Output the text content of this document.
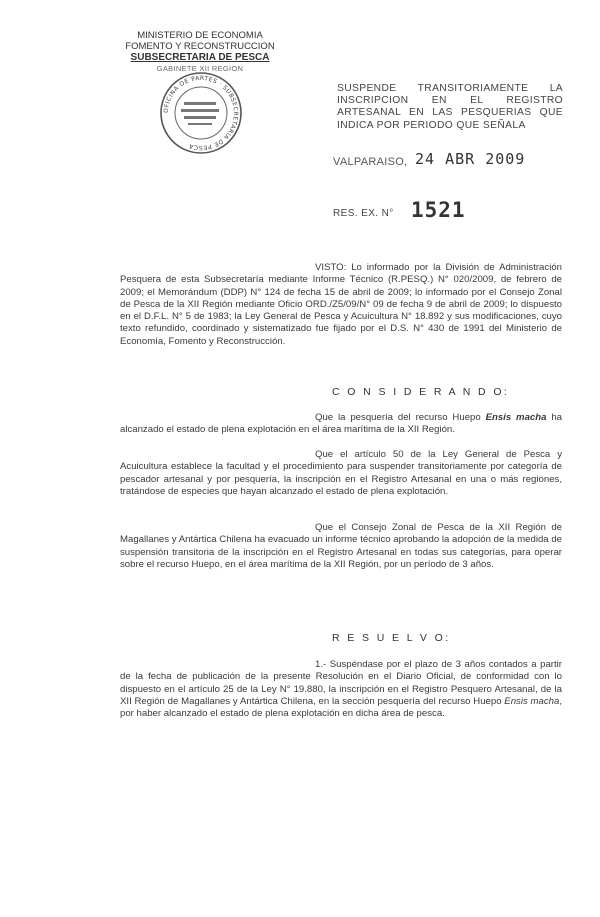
MINISTERIO DE ECONOMIA
FOMENTO Y RECONSTRUCCION
SUBSECRETARIA DE PESCA
GABINETE XII REGION
OFICINA DE PARTES · SUBSECRETARIA DE PESCA
SUSPENDE TRANSITORIAMENTE LA
INSCRIPCION EN EL REGISTRO
ARTESANAL EN LAS PESQUERIAS QUE
INDICA POR PERIODO QUE SEÑALA
VALPARAISO, 24 ABR 2009
RES. EX. N° 1521
VISTO: Lo informado por la División de Administración Pesquera de esta Subsecretaría mediante Informe Técnico (R.PESQ.) N° 020/2009, de febrero de 2009; el Memorándum (DDP) N° 124 de fecha 15 de abril de 2009; lo informado por el Consejo Zonal de Pesca de la XII Región mediante Oficio ORD./Z5/09/N° 09 de fecha 9 de abril de 2009; lo dispuesto en el D.F.L. N° 5 de 1983; la Ley General de Pesca y Acuicultura N° 18.892 y sus modificaciones, cuyo texto refundido, coordinado y sistematizado fue fijado por el D.S. N° 430 de 1991 del Ministerio de Economía, Fomento y Reconstrucción.
C O N S I D E R A N D O:
Que la pesquería del recurso Huepo Ensis macha ha alcanzado el estado de plena explotación en el área marítima de la XII Región.
Que el artículo 50 de la Ley General de Pesca y Acuicultura establece la facultad y el procedimiento para suspender transitoriamente por categoría de pescador artesanal y por pesquería, la inscripción en el Registro Artesanal en una o más regiones, tratándose de especies que hayan alcanzado el estado de plena explotación.
Que el Consejo Zonal de Pesca de la XII Región de Magallanes y Antártica Chilena ha evacuado un informe técnico aprobando la adopción de la medida de suspensión transitoria de la inscripción en el Registro Artesanal en todas sus categorías, para operar sobre el recurso Huepo, en el área marítima de la XII Región, por un período de 3 años.
R E S U E L V O:
1.- Suspéndase por el plazo de 3 años contados a partir de la fecha de publicación de la presente Resolución en el Diario Oficial, de conformidad con lo dispuesto en el artículo 25 de la Ley N° 19.880, la inscripción en el Registro Pesquero Artesanal, de la XII Región de Magallanes y Antártica Chilena, en la sección pesquería del recurso Huepo Ensis macha, por haber alcanzado el estado de plena explotación en dicha área de pesca.
